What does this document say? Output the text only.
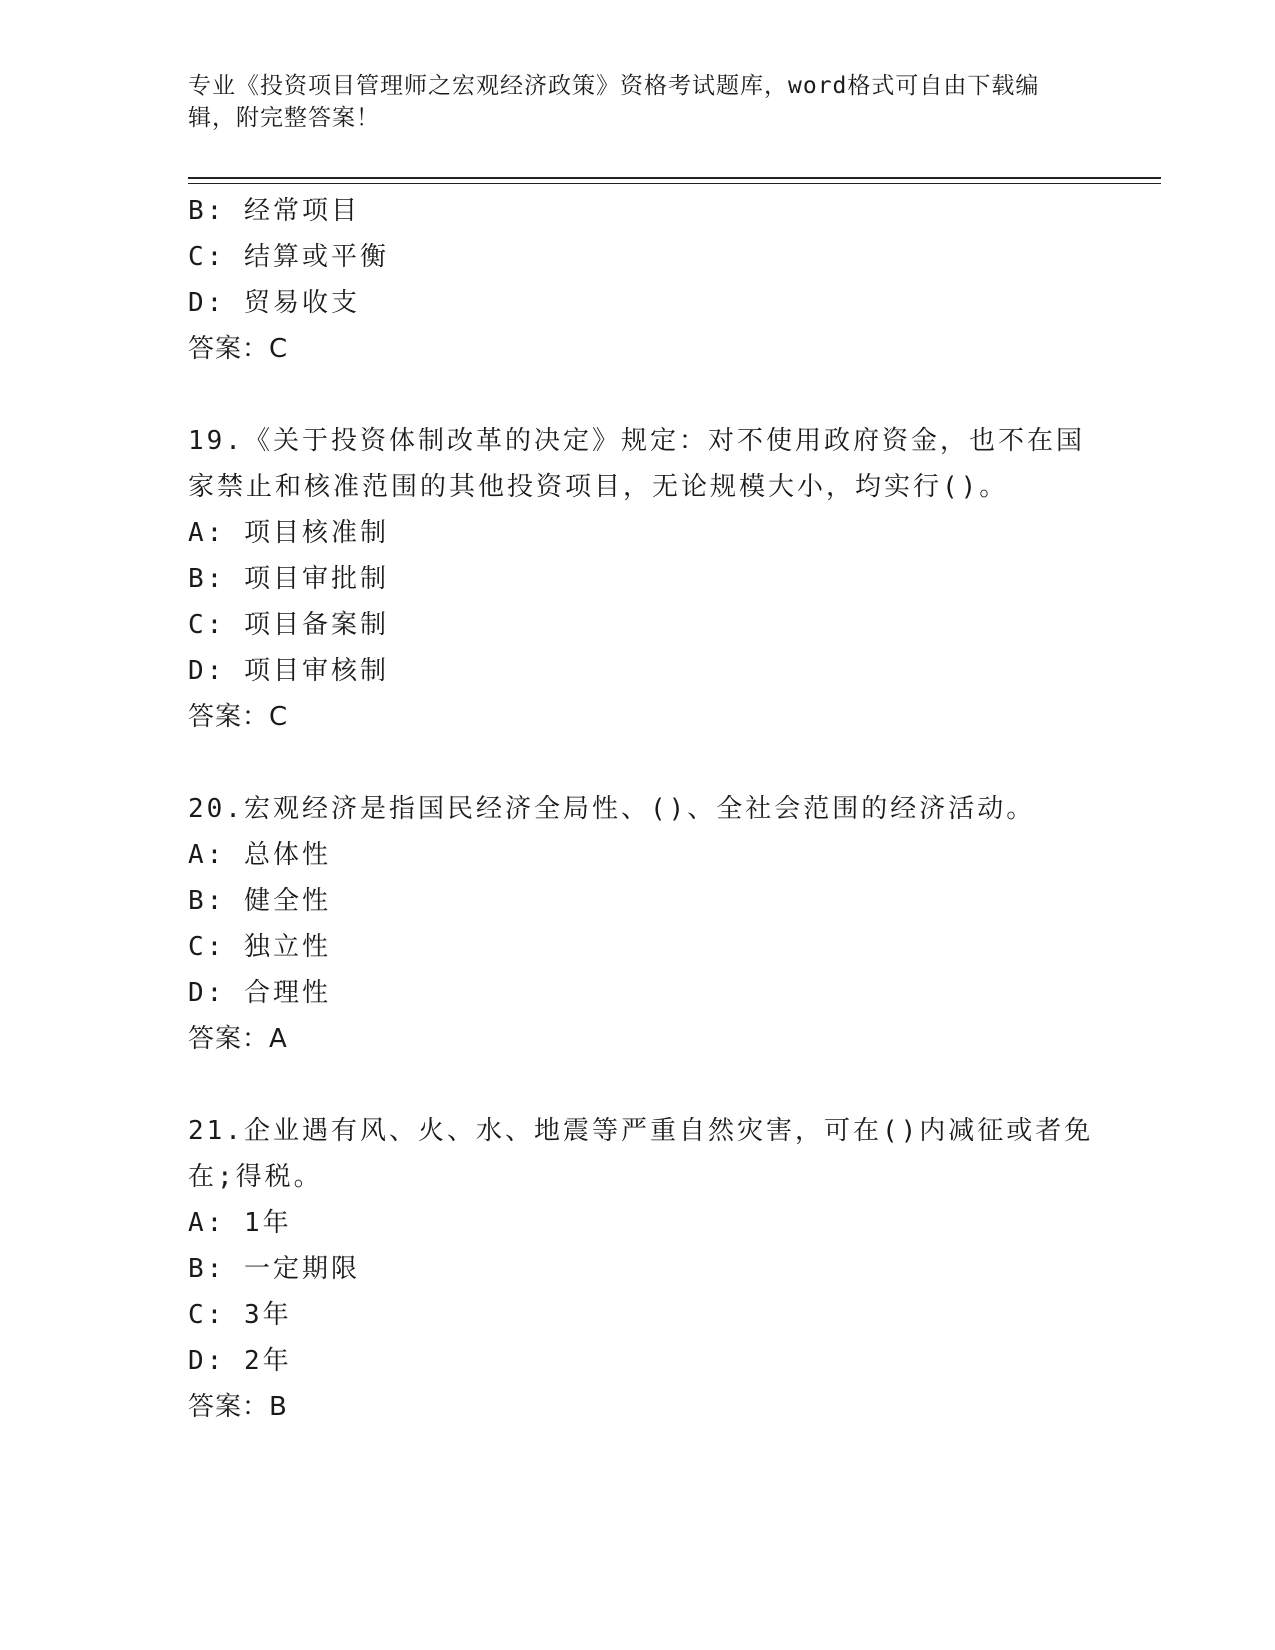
专业《投资项目管理师之宏观经济政策》资格考试题库，word格式可自由下载编
辑，附完整答案！
B: 经常项目
C: 结算或平衡
D: 贸易收支
答案：C
19.《关于投资体制改革的决定》规定：对不使用政府资金，也不在国
家禁止和核准范围的其他投资项目，无论规模大小，均实行()。
A: 项目核准制
B: 项目审批制
C: 项目备案制
D: 项目审核制
答案：C
20.宏观经济是指国民经济全局性、()、全社会范围的经济活动。
A: 总体性
B: 健全性
C: 独立性
D: 合理性
答案：A
21.企业遇有风、火、水、地震等严重自然灾害，可在()内减征或者免
在;得税。
A: 1年
B: 一定期限
C: 3年
D: 2年
答案：B
